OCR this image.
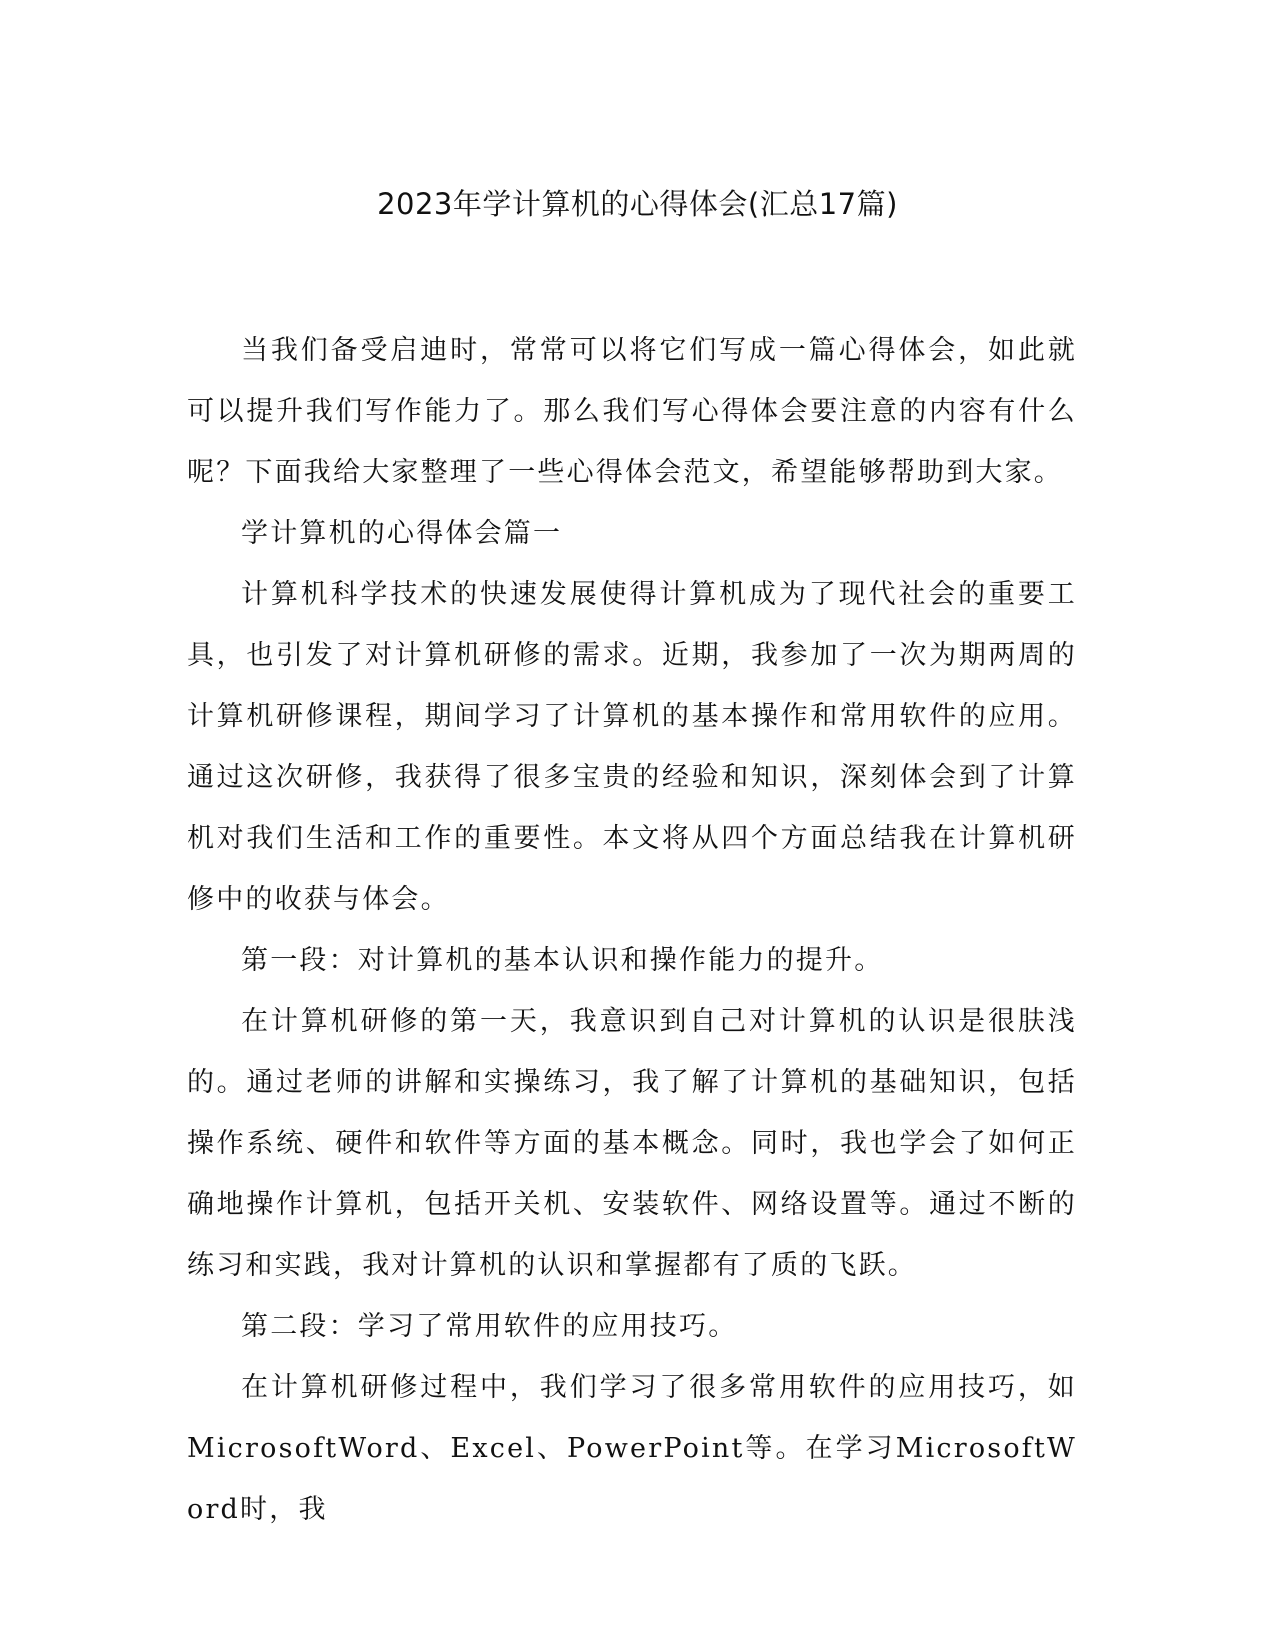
2023年学计算机的心得体会(汇总17篇)

当我们备受启迪时，常常可以将它们写成一篇心得体会，如此就可以提升我们写作能力了。那么我们写心得体会要注意的内容有什么呢？下面我给大家整理了一些心得体会范文，希望能够帮助到大家。

学计算机的心得体会篇一

计算机科学技术的快速发展使得计算机成为了现代社会的重要工具，也引发了对计算机研修的需求。近期，我参加了一次为期两周的计算机研修课程，期间学习了计算机的基本操作和常用软件的应用。通过这次研修，我获得了很多宝贵的经验和知识，深刻体会到了计算机对我们生活和工作的重要性。本文将从四个方面总结我在计算机研修中的收获与体会。

第一段：对计算机的基本认识和操作能力的提升。

在计算机研修的第一天，我意识到自己对计算机的认识是很肤浅的。通过老师的讲解和实操练习，我了解了计算机的基础知识，包括操作系统、硬件和软件等方面的基本概念。同时，我也学会了如何正确地操作计算机，包括开关机、安装软件、网络设置等。通过不断的练习和实践，我对计算机的认识和掌握都有了质的飞跃。

第二段：学习了常用软件的应用技巧。

在计算机研修过程中，我们学习了很多常用软件的应用技巧，如MicrosoftWord、Excel、PowerPoint等。在学习MicrosoftWord时，我
